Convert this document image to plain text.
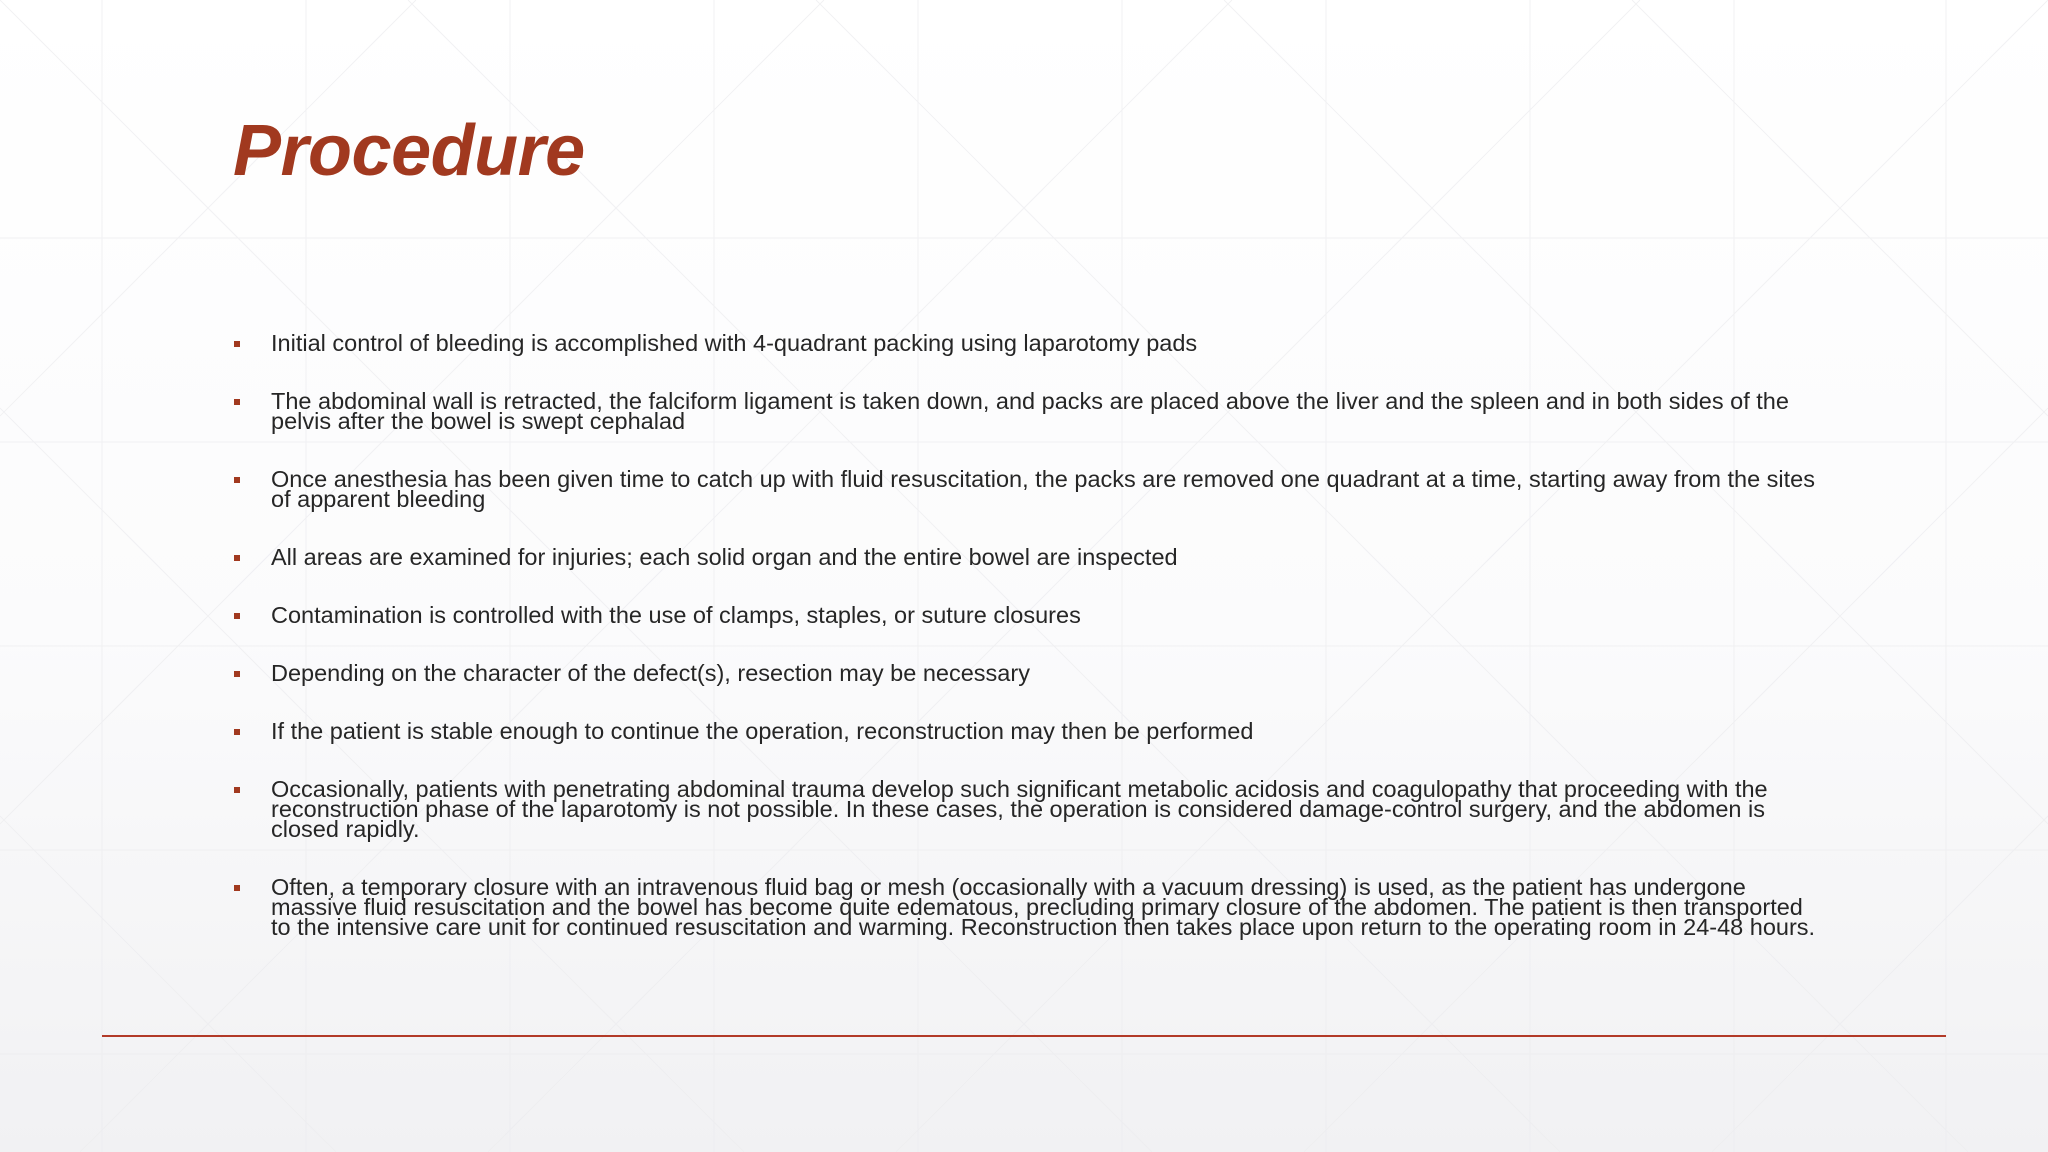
Procedure
Initial control of bleeding is accomplished with 4-quadrant packing using laparotomy pads
The abdominal wall is retracted, the falciform ligament is taken down, and packs are placed above the liver and the spleen and in both sides of the pelvis after the bowel is swept cephalad
Once anesthesia has been given time to catch up with fluid resuscitation, the packs are removed one quadrant at a time, starting away from the sites of apparent bleeding
All areas are examined for injuries; each solid organ and the entire bowel are inspected
Contamination is controlled with the use of clamps, staples, or suture closures
Depending on the character of the defect(s), resection may be necessary
If the patient is stable enough to continue the operation, reconstruction may then be performed
Occasionally, patients with penetrating abdominal trauma develop such significant metabolic acidosis and coagulopathy that proceeding with the reconstruction phase of the laparotomy is not possible. In these cases, the operation is considered damage-control surgery, and the abdomen is closed rapidly.
Often, a temporary closure with an intravenous fluid bag or mesh (occasionally with a vacuum dressing) is used, as the patient has undergone massive fluid resuscitation and the bowel has become quite edematous, precluding primary closure of the abdomen. The patient is then transported to the intensive care unit for continued resuscitation and warming. Reconstruction then takes place upon return to the operating room in 24-48 hours.
